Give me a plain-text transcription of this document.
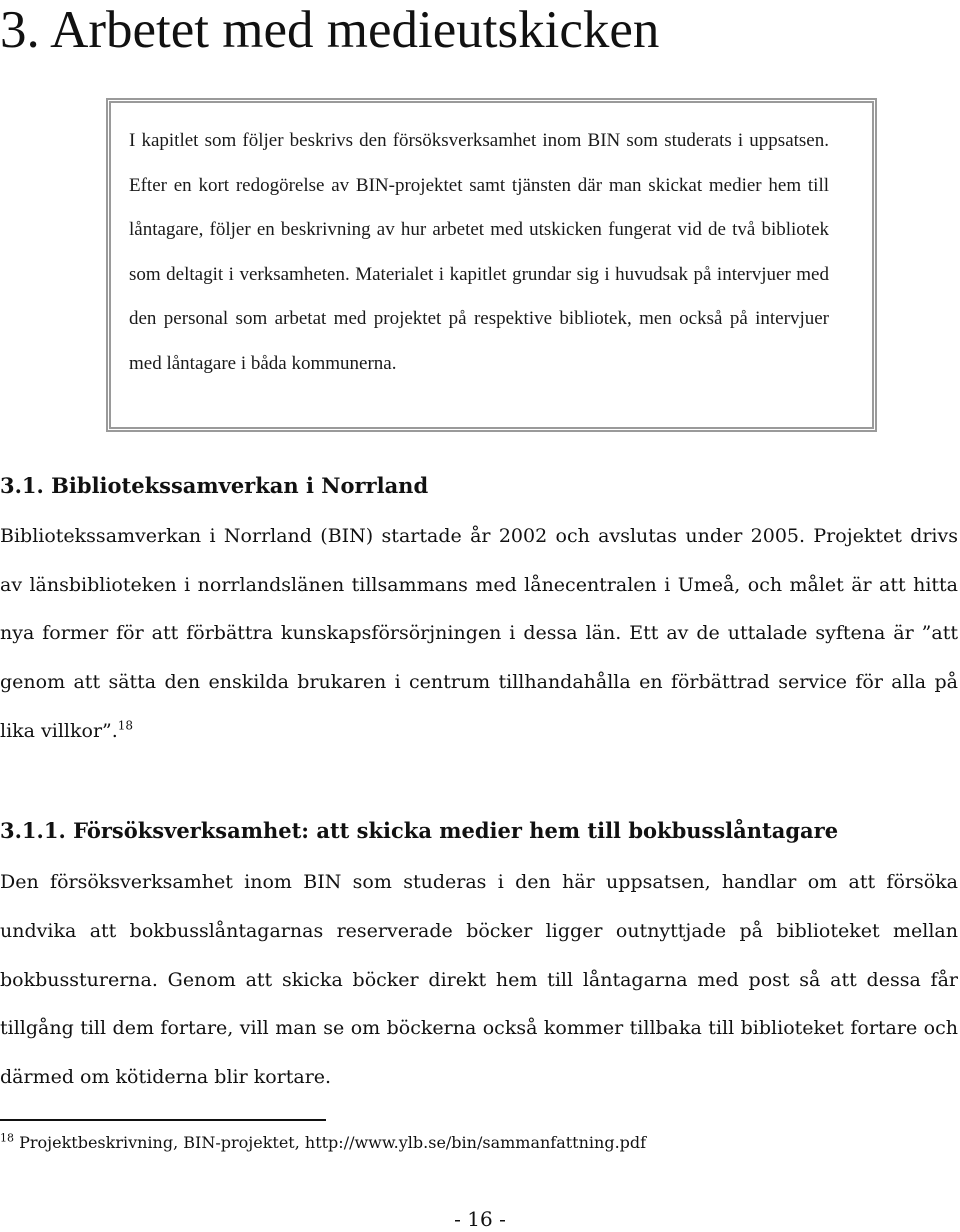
3. Arbetet med medieutskicken

I kapitlet som följer beskrivs den försöksverksamhet inom BIN som studerats i uppsatsen. Efter en kort redogörelse av BIN-projektet samt tjänsten där man skickat medier hem till låntagare, följer en beskrivning av hur arbetet med utskicken fungerat vid de två bibliotek som deltagit i verksamheten. Materialet i kapitlet grundar sig i huvudsak på intervjuer med den personal som arbetat med projektet på respektive bibliotek, men också på intervjuer med låntagare i båda kommunerna.

3.1. Bibliotekssamverkan i Norrland

Bibliotekssamverkan i Norrland (BIN) startade år 2002 och avslutas under 2005. Projektet drivs av länsbiblioteken i norrlandslänen tillsammans med lånecentralen i Umeå, och målet är att hitta nya former för att förbättra kunskapsförsörjningen i dessa län. Ett av de uttalade syftena är ”att genom att sätta den enskilda brukaren i centrum tillhandahålla en förbättrad service för alla på lika villkor”.$^{18}$

3.1.1. Försöksverksamhet: att skicka medier hem till bokbusslåntagare

Den försöksverksamhet inom BIN som studeras i den här uppsatsen, handlar om att försöka undvika att bokbusslåntagarnas reserverade böcker ligger outnyttjade på biblioteket mellan bokbussturerna. Genom att skicka böcker direkt hem till låntagarna med post så att dessa får tillgång till dem fortare, vill man se om böckerna också kommer tillbaka till biblioteket fortare och därmed om kötiderna blir kortare.

$^{18}$ Projektbeskrivning, BIN-projektet, http://www.ylb.se/bin/sammanfattning.pdf

- 16 -
